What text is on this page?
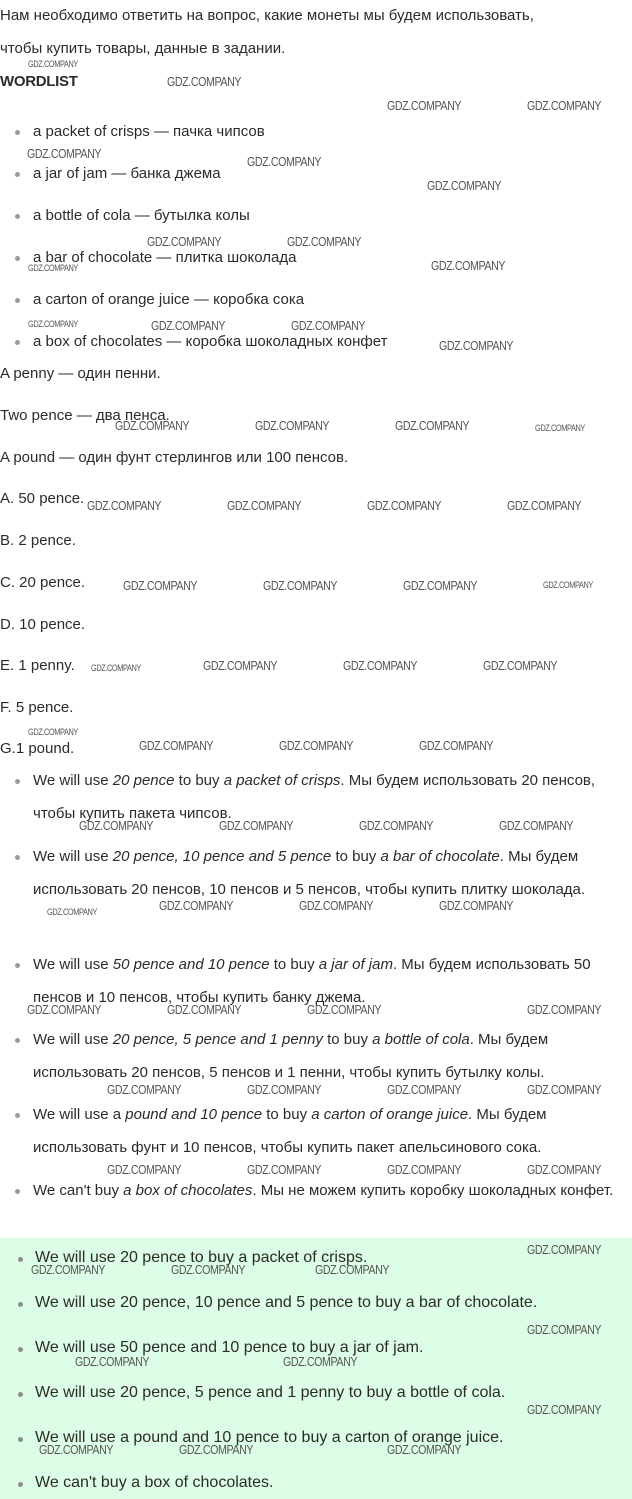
Нам необходимо ответить на вопрос, какие монеты мы будем использовать,
чтобы купить товары, данные в задании.
WORDLIST
a packet of crisps — пачка чипсов
a jar of jam — банка джема
a bottle of cola — бутылка колы
a bar of chocolate — плитка шоколада
a carton of orange juice — коробка сока
a box of chocolates — коробка шоколадных конфет
A penny — один пенни.
Two pence — два пенса.
A pound — один фунт стерлингов или 100 пенсов.
A. 50 pence.
B. 2 pence.
C. 20 pence.
D. 10 pence.
E. 1 penny.
F. 5 pence.
G.1 pound.
We will use 20 pence to buy a packet of crisps. Мы будем использовать 20 пенсов, чтобы купить пакета чипсов.
We will use 20 pence, 10 pence and 5 pence to buy a bar of chocolate. Мы будем использовать 20 пенсов, 10 пенсов и 5 пенсов, чтобы купить плитку шоколада.
We will use 50 pence and 10 pence to buy a jar of jam. Мы будем использовать 50 пенсов и 10 пенсов, чтобы купить банку джема.
We will use 20 pence, 5 pence and 1 penny to buy a bottle of cola. Мы будем использовать 20 пенсов, 5 пенсов и 1 пенни, чтобы купить бутылку колы.
We will use a pound and 10 pence to buy a carton of orange juice. Мы будем использовать фунт и 10 пенсов, чтобы купить пакет апельсинового сока.
We can't buy a box of chocolates. Мы не можем купить коробку шоколадных конфет.
We will use 20 pence to buy a packet of crisps.
We will use 20 pence, 10 pence and 5 pence to buy a bar of chocolate.
We will use 50 pence and 10 pence to buy a jar of jam.
We will use 20 pence, 5 pence and 1 penny to buy a bottle of cola.
We will use a pound and 10 pence to buy a carton of orange juice.
We can't buy a box of chocolates.
GDZ.COMPANY
GDZ.COMPANY
GDZ.COMPANY	GDZ.COMPANY
GDZ.COMPANY
GDZ.COMPANY
GDZ.COMPANY
GDZ.COMPANY	GDZ.COMPANY
GDZ.COMPANY	GDZ.COMPANY
GDZ.COMPANY	GDZ.COMPANY	GDZ.COMPANY
GDZ.COMPANY
GDZ.COMPANY	GDZ.COMPANY	GDZ.COMPANY	GDZ.COMPANY
GDZ.COMPANY	GDZ.COMPANY	GDZ.COMPANY	GDZ.COMPANY
GDZ.COMPANY	GDZ.COMPANY	GDZ.COMPANY	GDZ.COMPANY
GDZ.COMPANY	GDZ.COMPANY	GDZ.COMPANY	GDZ.COMPANY
GDZ.COMPANY
GDZ.COMPANY	GDZ.COMPANY	GDZ.COMPANY
GDZ.COMPANY	GDZ.COMPANY	GDZ.COMPANY	GDZ.COMPANY
GDZ.COMPANY	GDZ.COMPANY	GDZ.COMPANY	GDZ.COMPANY
GDZ.COMPANY	GDZ.COMPANY	GDZ.COMPANY	GDZ.COMPANY
GDZ.COMPANY	GDZ.COMPANY	GDZ.COMPANY	GDZ.COMPANY
GDZ.COMPANY	GDZ.COMPANY	GDZ.COMPANY	GDZ.COMPANY
GDZ.COMPANY
GDZ.COMPANY	GDZ.COMPANY	GDZ.COMPANY
GDZ.COMPANY
GDZ.COMPANY	GDZ.COMPANY
GDZ.COMPANY
GDZ.COMPANY	GDZ.COMPANY	GDZ.COMPANY
